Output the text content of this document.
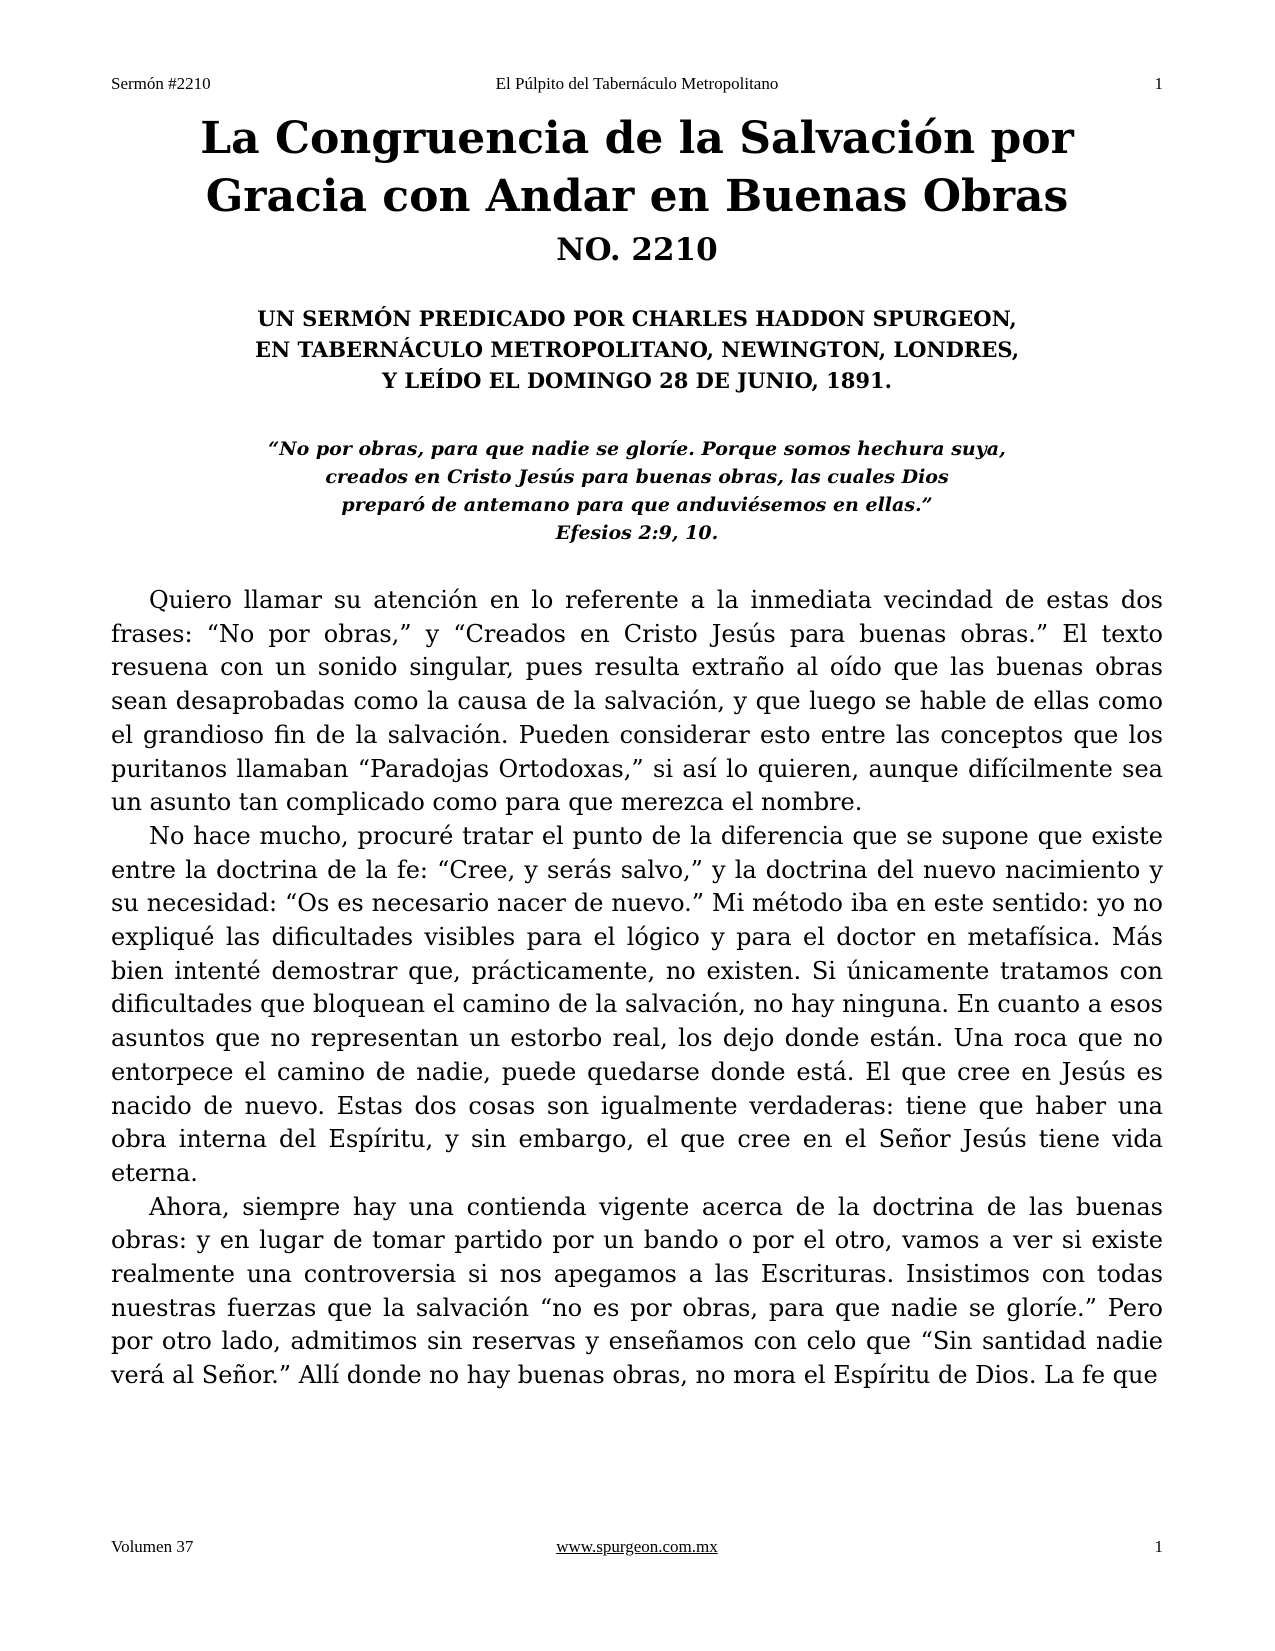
Sermón #2210	El Púlpito del Tabernáculo Metropolitano	1
La Congruencia de la Salvación por
Gracia con Andar en Buenas Obras
NO. 2210
UN SERMÓN PREDICADO POR CHARLES HADDON SPURGEON,
EN TABERNÁCULO METROPOLITANO, NEWINGTON, LONDRES,
Y LEÍDO EL DOMINGO 28 DE JUNIO, 1891.
“No por obras, para que nadie se gloríe. Porque somos hechura suya,
creados en Cristo Jesús para buenas obras, las cuales Dios
preparó de antemano para que anduviésemos en ellas.”
Efesios 2:9, 10.

Quiero llamar su atención en lo referente a la inmediata vecindad de estas dos frases: “No por obras,” y “Creados en Cristo Jesús para buenas obras.” El texto resuena con un sonido singular, pues resulta extraño al oído que las buenas obras sean desaprobadas como la causa de la salvación, y que luego se hable de ellas como el grandioso fin de la salvación. Pueden considerar esto entre las conceptos que los puritanos llamaban “Paradojas Ortodoxas,” si así lo quieren, aunque difícilmente sea un asunto tan complicado como para que merezca el nombre.

No hace mucho, procuré tratar el punto de la diferencia que se supone que existe entre la doctrina de la fe: “Cree, y serás salvo,” y la doctrina del nuevo nacimiento y su necesidad: “Os es necesario nacer de nuevo.” Mi método iba en este sentido: yo no expliqué las dificultades visibles para el lógico y para el doctor en metafísica. Más bien intenté demostrar que, prácticamente, no existen. Si únicamente tratamos con dificultades que bloquean el camino de la salvación, no hay ninguna. En cuanto a esos asuntos que no representan un estorbo real, los dejo donde están. Una roca que no entorpece el camino de nadie, puede quedarse donde está. El que cree en Jesús es nacido de nuevo. Estas dos cosas son igualmente verdaderas: tiene que haber una obra interna del Espíritu, y sin embargo, el que cree en el Señor Jesús tiene vida eterna.

Ahora, siempre hay una contienda vigente acerca de la doctrina de las buenas obras: y en lugar de tomar partido por un bando o por el otro, vamos a ver si existe realmente una controversia si nos apegamos a las Escrituras. Insistimos con todas nuestras fuerzas que la salvación “no es por obras, para que nadie se gloríe.” Pero por otro lado, admitimos sin reservas y enseñamos con celo que “Sin santidad nadie verá al Señor.” Allí donde no hay buenas obras, no mora el Espíritu de Dios. La fe que

Volumen 37	www.spurgeon.com.mx	1
